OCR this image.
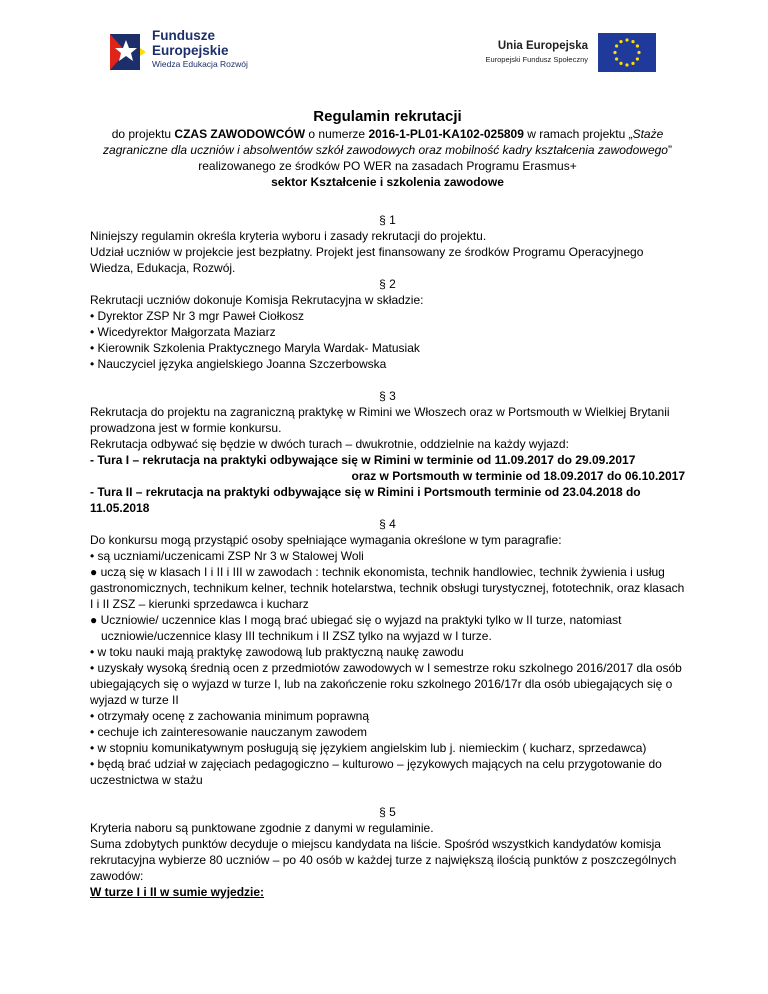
Fundusze
Europejskie
Wiedza Edukacja Rozwój
Unia Europejska
Europejski Fundusz Społeczny

Regulamin rekrutacji

do projektu CZAS ZAWODOWCÓW o numerze 2016-1-PL01-KA102-025809 w ramach projektu „Staże zagraniczne dla uczniów i absolwentów szkół zawodowych oraz mobilność kadry kształcenia zawodowego” realizowanego ze środków PO WER na zasadach Programu Erasmus+

sektor Kształcenie i szkolenia zawodowe

§ 1

Niniejszy regulamin określa kryteria wyboru i zasady rekrutacji do projektu.

Udział uczniów w projekcie jest bezpłatny. Projekt jest finansowany ze środków Programu Operacyjnego Wiedza, Edukacja, Rozwój.

§ 2

Rekrutacji uczniów dokonuje Komisja Rekrutacyjna w składzie:

• Dyrektor ZSP Nr 3 mgr Paweł Ciołkosz

• Wicedyrektor Małgorzata Maziarz

• Kierownik Szkolenia Praktycznego Maryla Wardak- Matusiak

• Nauczyciel języka angielskiego Joanna Szczerbowska

§ 3

Rekrutacja do projektu na zagraniczną praktykę w Rimini we Włoszech oraz w Portsmouth w Wielkiej Brytanii prowadzona jest w formie konkursu.

Rekrutacja odbywać się będzie w dwóch turach – dwukrotnie, oddzielnie na każdy wyjazd:

- Tura I – rekrutacja na praktyki odbywające się w Rimini w terminie od 11.09.2017 do 29.09.2017

oraz w Portsmouth w terminie od 18.09.2017 do 06.10.2017

- Tura II – rekrutacja na praktyki odbywające się w Rimini i Portsmouth terminie od 23.04.2018 do 11.05.2018

§ 4

Do konkursu mogą przystąpić osoby spełniające wymagania określone w tym paragrafie:

• są uczniami/uczenicami ZSP Nr 3 w Stalowej Woli

● uczą się w klasach I i II i III w zawodach : technik ekonomista, technik handlowiec, technik żywienia i usług gastronomicznych, technikum kelner, technik hotelarstwa, technik obsługi turystycznej, fototechnik, oraz klasach I i II ZSZ – kierunki sprzedawca i kucharz

● Uczniowie/ uczennice klas I mogą brać ubiegać się o wyjazd na praktyki tylko w II turze, natomiast

uczniowie/uczennice klasy III technikum i II ZSZ tylko na wyjazd w I turze.

• w toku nauki mają praktykę zawodową lub praktyczną naukę zawodu

• uzyskały wysoką średnią ocen z przedmiotów zawodowych w I semestrze roku szkolnego 2016/2017 dla osób ubiegających się o wyjazd w turze I, lub na zakończenie roku szkolnego 2016/17r dla osób ubiegających się o wyjazd w turze II

• otrzymały ocenę z zachowania minimum poprawną

• cechuje ich zainteresowanie nauczanym zawodem

• w stopniu komunikatywnym posługują się językiem angielskim lub j. niemieckim ( kucharz, sprzedawca)

• będą brać udział w zajęciach pedagogiczno – kulturowo – językowych mających na celu przygotowanie do uczestnictwa w stażu

§ 5

Kryteria naboru są punktowane zgodnie z danymi w regulaminie.

Suma zdobytych punktów decyduje o miejscu kandydata na liście. Spośród wszystkich kandydatów komisja rekrutacyjna wybierze 80 uczniów – po 40 osób w każdej turze z największą ilością punktów z poszczególnych zawodów:

W turze I i II w sumie wyjedzie:
